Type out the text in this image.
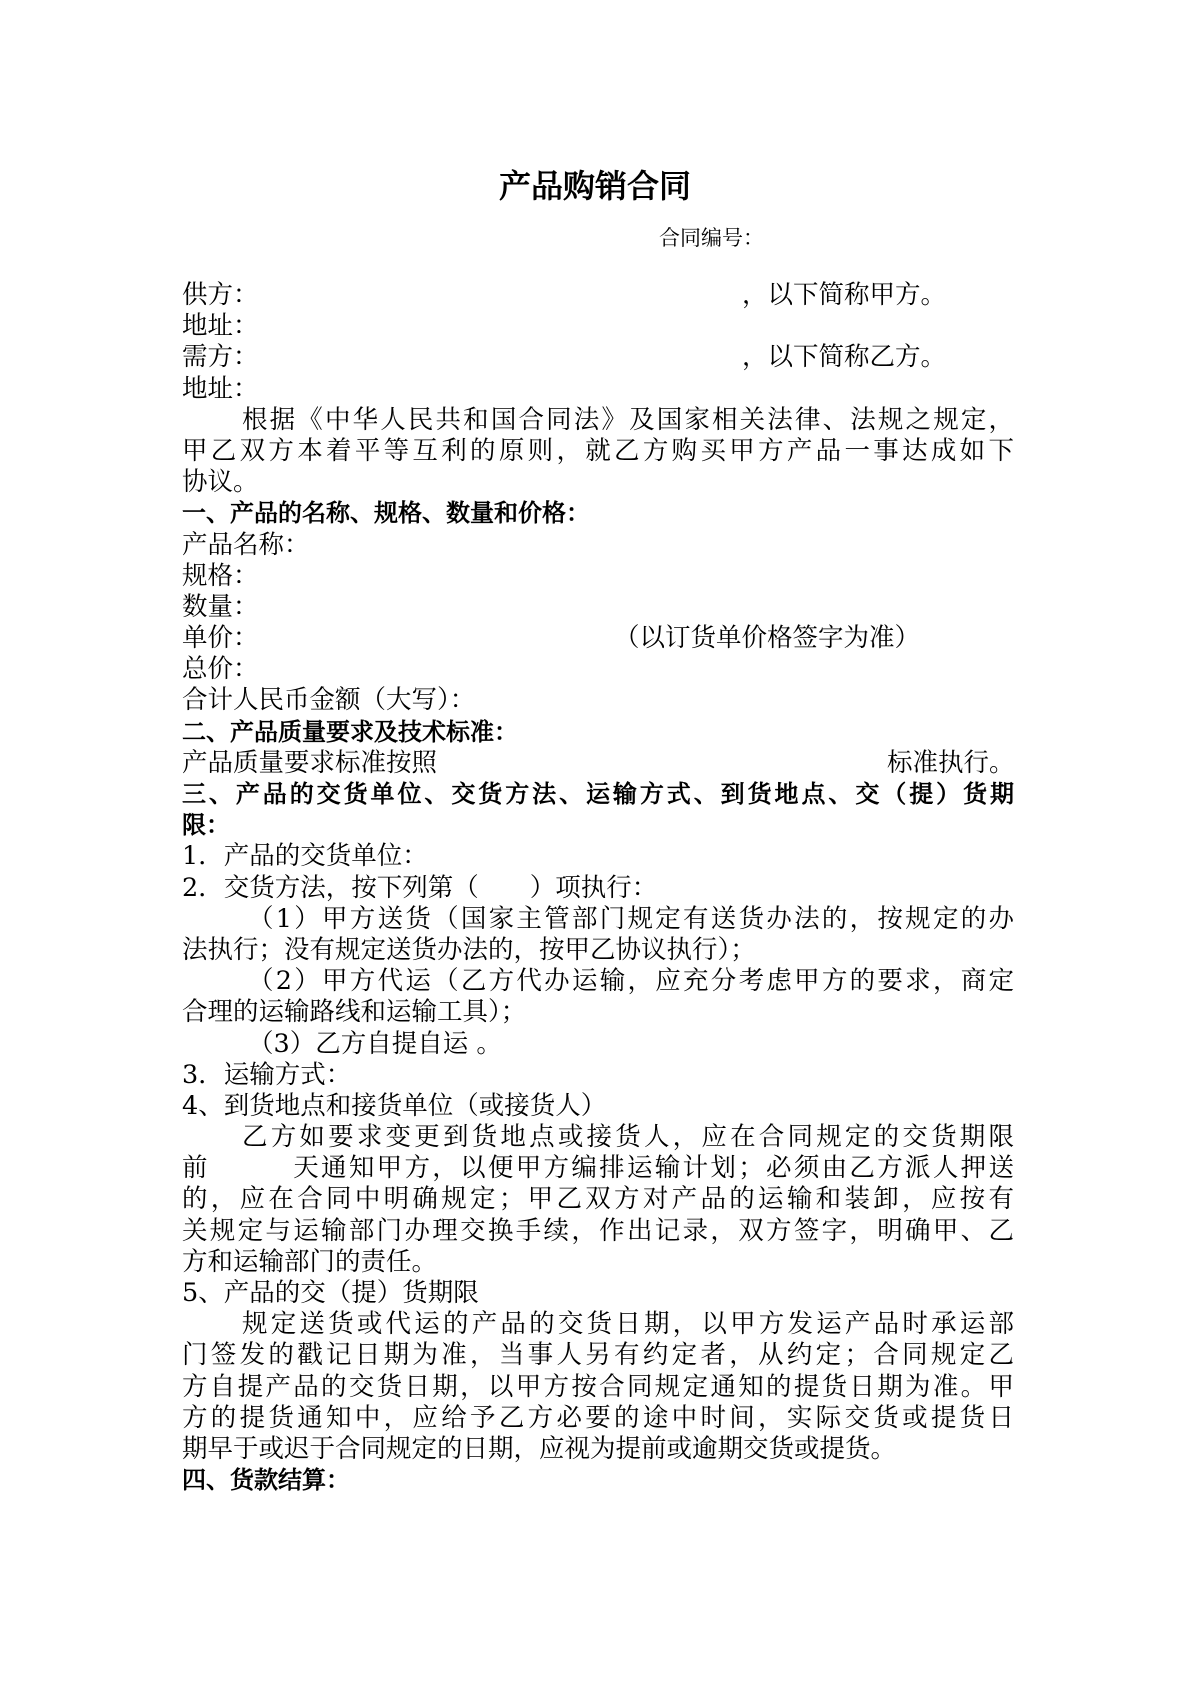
产品购销合同
合同编号：
供方：	，以下简称甲方。
地址：
需方：	，以下简称乙方。
地址：
根据《中华人民共和国合同法》及国家相关法律、法规之规定，
甲乙双方本着平等互利的原则，就乙方购买甲方产品一事达成如下
协议。
一、产品的名称、规格、数量和价格：
产品名称：
规格：
数量：
单价：	（以订货单价格签字为准）
总价：
合计人民币金额（大写）：
二、产品质量要求及技术标准：
产品质量要求标准按照	标准执行。
三、产品的交货单位、交货方法、运输方式、到货地点、交（提）货期
限：
1．产品的交货单位：
2．交货方法，按下列第（　　）项执行：
（1）甲方送货（国家主管部门规定有送货办法的，按规定的办
法执行；没有规定送货办法的，按甲乙协议执行）；
（2）甲方代运（乙方代办运输，应充分考虑甲方的要求，商定
合理的运输路线和运输工具）；
（3）乙方自提自运 。
3．运输方式：
4、到货地点和接货单位（或接货人）
乙方如要求变更到货地点或接货人，应在合同规定的交货期限
前　　　天通知甲方，以便甲方编排运输计划；必须由乙方派人押送
的，应在合同中明确规定；甲乙双方对产品的运输和装卸，应按有
关规定与运输部门办理交换手续，作出记录，双方签字，明确甲、乙
方和运输部门的责任。
5、产品的交（提）货期限
规定送货或代运的产品的交货日期，以甲方发运产品时承运部
门签发的戳记日期为准，当事人另有约定者，从约定；合同规定乙
方自提产品的交货日期，以甲方按合同规定通知的提货日期为准。甲
方的提货通知中，应给予乙方必要的途中时间，实际交货或提货日
期早于或迟于合同规定的日期，应视为提前或逾期交货或提货。
四、货款结算：
